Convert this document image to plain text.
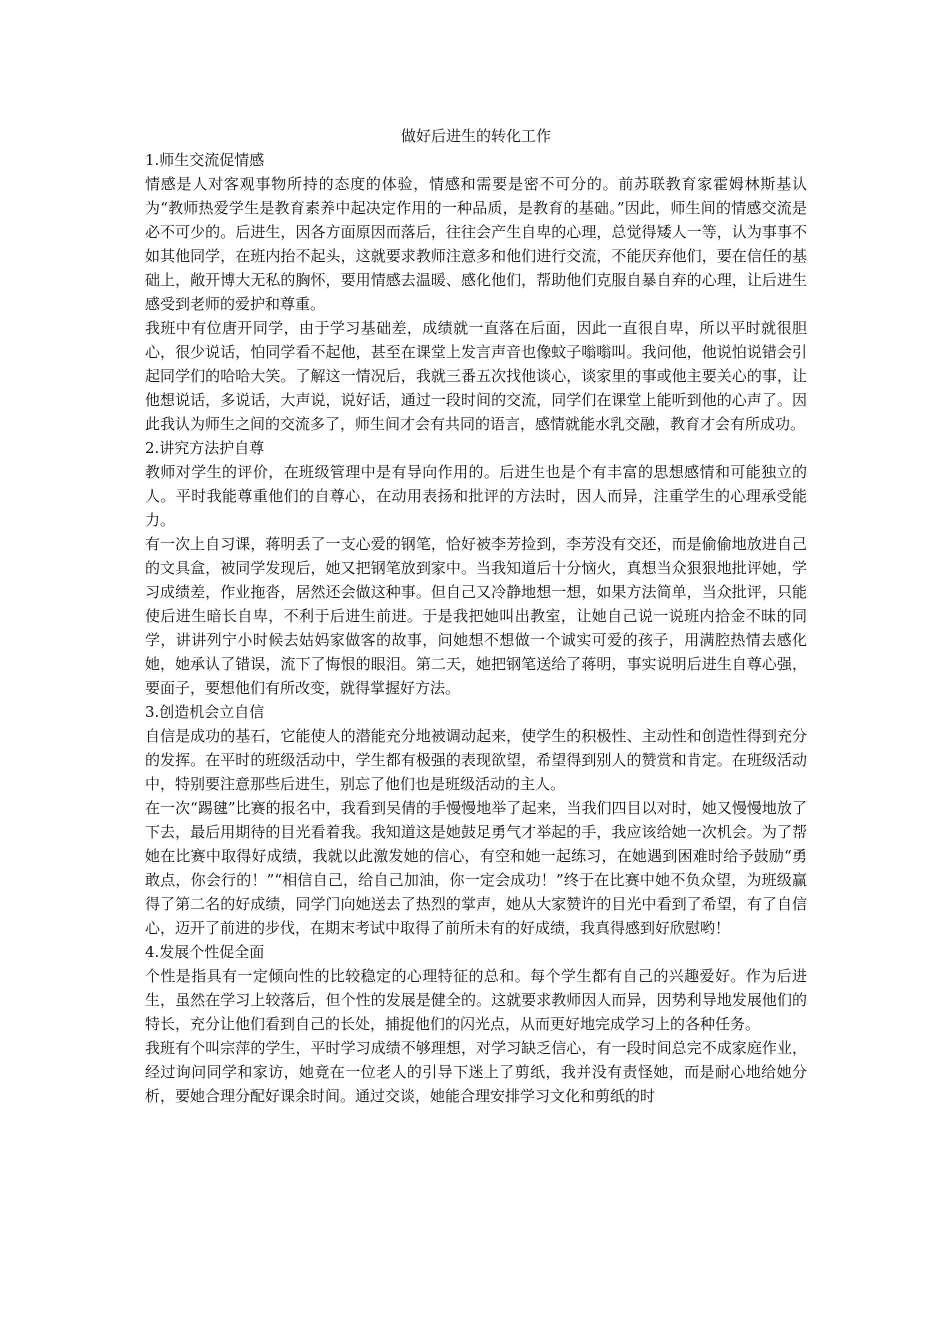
做好后进生的转化工作
1.师生交流促情感

情感是人对客观事物所持的态度的体验，情感和需要是密不可分的。前苏联教育家霍姆林斯基认为“教师热爱学生是教育素养中起决定作用的一种品质，是教育的基础。”因此，师生间的情感交流是必不可少的。后进生，因各方面原因而落后，往往会产生自卑的心理，总觉得矮人一等，认为事事不如其他同学，在班内抬不起头，这就要求教师注意多和他们进行交流，不能厌弃他们，要在信任的基础上，敞开博大无私的胸怀，要用情感去温暖、感化他们，帮助他们克服自暴自弃的心理，让后进生感受到老师的爱护和尊重。

我班中有位唐开同学，由于学习基础差，成绩就一直落在后面，因此一直很自卑，所以平时就很胆心，很少说话，怕同学看不起他，甚至在课堂上发言声音也像蚊子嗡嗡叫。我问他，他说怕说错会引起同学们的哈哈大笑。了解这一情况后，我就三番五次找他谈心，谈家里的事或他主要关心的事，让他想说话，多说话，大声说，说好话，通过一段时间的交流，同学们在课堂上能听到他的心声了。因此我认为师生之间的交流多了，师生间才会有共同的语言，感情就能水乳交融，教育才会有所成功。

2.讲究方法护自尊

教师对学生的评价，在班级管理中是有导向作用的。后进生也是个有丰富的思想感情和可能独立的人。平时我能尊重他们的自尊心，在动用表扬和批评的方法时，因人而异，注重学生的心理承受能力。

有一次上自习课，蒋明丢了一支心爱的钢笔，恰好被李芳捡到，李芳没有交还，而是偷偷地放进自己的文具盒，被同学发现后，她又把钢笔放到家中。当我知道后十分恼火，真想当众狠狠地批评她，学习成绩差，作业拖沓，居然还会做这种事。但自己又冷静地想一想，如果方法简单，当众批评，只能使后进生暗长自卑，不利于后进生前进。于是我把她叫出教室，让她自己说一说班内拾金不昧的同学，讲讲列宁小时候去姑妈家做客的故事，问她想不想做一个诚实可爱的孩子，用满腔热情去感化她，她承认了错误，流下了悔恨的眼泪。第二天，她把钢笔送给了蒋明，事实说明后进生自尊心强，要面子，要想他们有所改变，就得掌握好方法。

3.创造机会立自信

自信是成功的基石，它能使人的潜能充分地被调动起来，使学生的积极性、主动性和创造性得到充分的发挥。在平时的班级活动中，学生都有极强的表现欲望，希望得到别人的赞赏和肯定。在班级活动中，特别要注意那些后进生，别忘了他们也是班级活动的主人。

在一次“踢毽”比赛的报名中，我看到吴倩的手慢慢地举了起来，当我们四目以对时，她又慢慢地放了下去，最后用期待的目光看着我。我知道这是她鼓足勇气才举起的手，我应该给她一次机会。为了帮她在比赛中取得好成绩，我就以此激发她的信心，有空和她一起练习，在她遇到困难时给予鼓励“勇敢点，你会行的！”“相信自己，给自己加油，你一定会成功！”终于在比赛中她不负众望，为班级赢得了第二名的好成绩，同学门向她送去了热烈的掌声，她从大家赞许的目光中看到了希望，有了自信心，迈开了前进的步伐，在期末考试中取得了前所未有的好成绩，我真得感到好欣慰哟！

4.发展个性促全面

个性是指具有一定倾向性的比较稳定的心理特征的总和。每个学生都有自己的兴趣爱好。作为后进生，虽然在学习上较落后，但个性的发展是健全的。这就要求教师因人而异，因势利导地发展他们的特长，充分让他们看到自己的长处，捕捉他们的闪光点，从而更好地完成学习上的各种任务。

我班有个叫宗萍的学生，平时学习成绩不够理想，对学习缺乏信心，有一段时间总完不成家庭作业，经过询问同学和家访，她竟在一位老人的引导下迷上了剪纸，我并没有责怪她，而是耐心地给她分析，要她合理分配好课余时间。通过交谈，她能合理安排学习文化和剪纸的时
